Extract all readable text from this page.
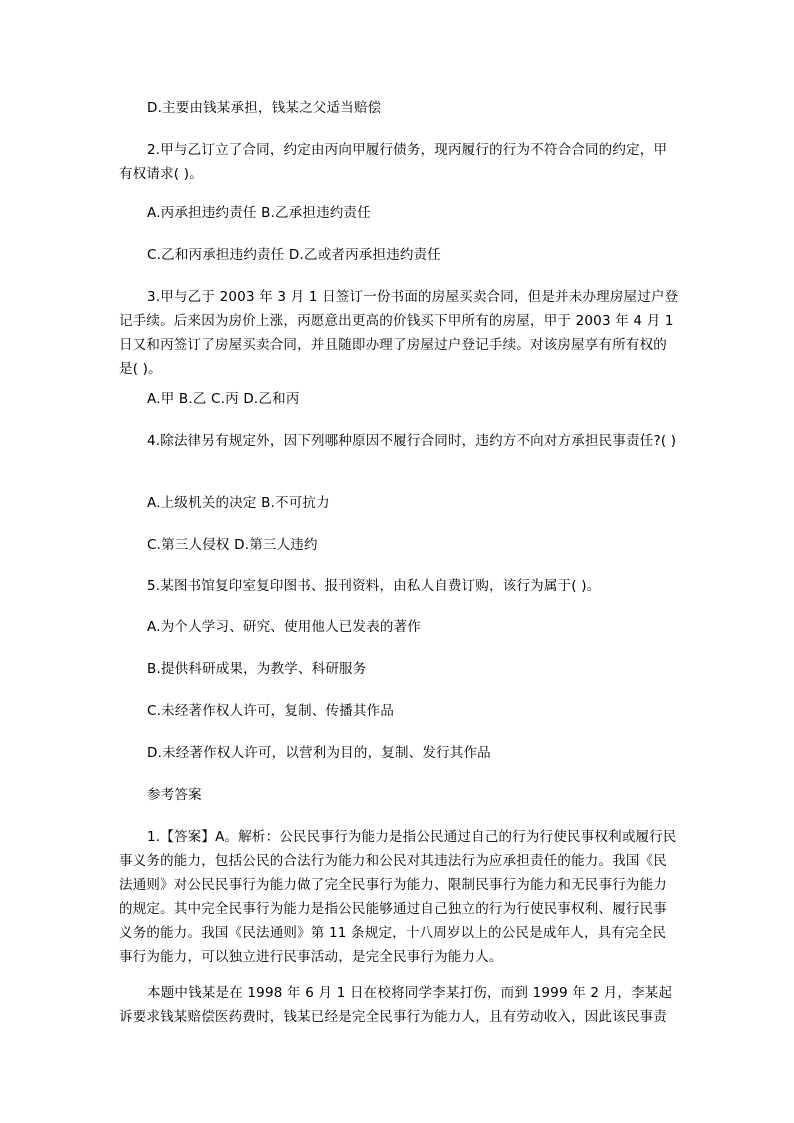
D.主要由钱某承担，钱某之父适当赔偿
2.甲与乙订立了合同，约定由丙向甲履行债务，现丙履行的行为不符合合同的约定，甲有权请求( )。
A.丙承担违约责任 B.乙承担违约责任
C.乙和丙承担违约责任 D.乙或者丙承担违约责任
3.甲与乙于 2003 年 3 月 1 日签订一份书面的房屋买卖合同，但是并未办理房屋过户登记手续。后来因为房价上涨，丙愿意出更高的价钱买下甲所有的房屋，甲于 2003 年 4 月 1 日又和丙签订了房屋买卖合同，并且随即办理了房屋过户登记手续。对该房屋享有所有权的是( )。
A.甲 B.乙 C.丙 D.乙和丙
4.除法律另有规定外，因下列哪种原因不履行合同时，违约方不向对方承担民事责任?( )
A.上级机关的决定 B.不可抗力
C.第三人侵权 D.第三人违约
5.某图书馆复印室复印图书、报刊资料，由私人自费订购，该行为属于( )。
A.为个人学习、研究、使用他人已发表的著作
B.提供科研成果，为教学、科研服务
C.未经著作权人许可，复制、传播其作品
D.未经著作权人许可，以营利为目的，复制、发行其作品
参考答案
1.【答案】A。解析：公民民事行为能力是指公民通过自己的行为行使民事权利或履行民事义务的能力，包括公民的合法行为能力和公民对其违法行为应承担责任的能力。我国《民法通则》对公民民事行为能力做了完全民事行为能力、限制民事行为能力和无民事行为能力的规定。其中完全民事行为能力是指公民能够通过自己独立的行为行使民事权利、履行民事义务的能力。我国《民法通则》第 11 条规定，十八周岁以上的公民是成年人，具有完全民事行为能力，可以独立进行民事活动，是完全民事行为能力人。
本题中钱某是在 1998 年 6 月 1 日在校将同学李某打伤，而到 1999 年 2 月，李某起诉要求钱某赔偿医药费时，钱某已经是完全民事行为能力人，且有劳动收入，因此该民事责
